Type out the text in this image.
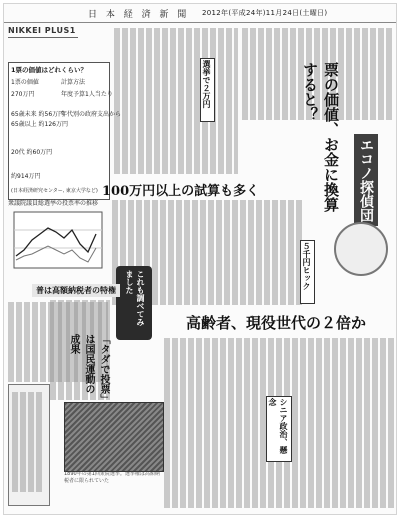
日 本 経 済 新 聞 2012年(平成24年)11月24日(土曜日)
NIKKEI PLUS1
票の価値、お金に換算すると？
エコノ探偵団
1票の価値はどれくらい？
1票の価値	計算方法
270万円	年度予算1人当たり
65歳未来 約56万円
年代別の政府支出から
65歳以上 約126万円
20代 約60万円
約914万円
(日本経済研究センター, 東京大学など) 100万円以上の試算も多く
選挙で２万円
５千円ヒック
衆議院議員総選挙の投票率の推移
これも調べてみました
高齢者、現役世代の２倍か
シニア政治、懸念
普は高額納税者の特権
「タダで投票」は国民運動の成果
1890年の第1回衆院選挙。選挙権は高額納税者に限られていた
